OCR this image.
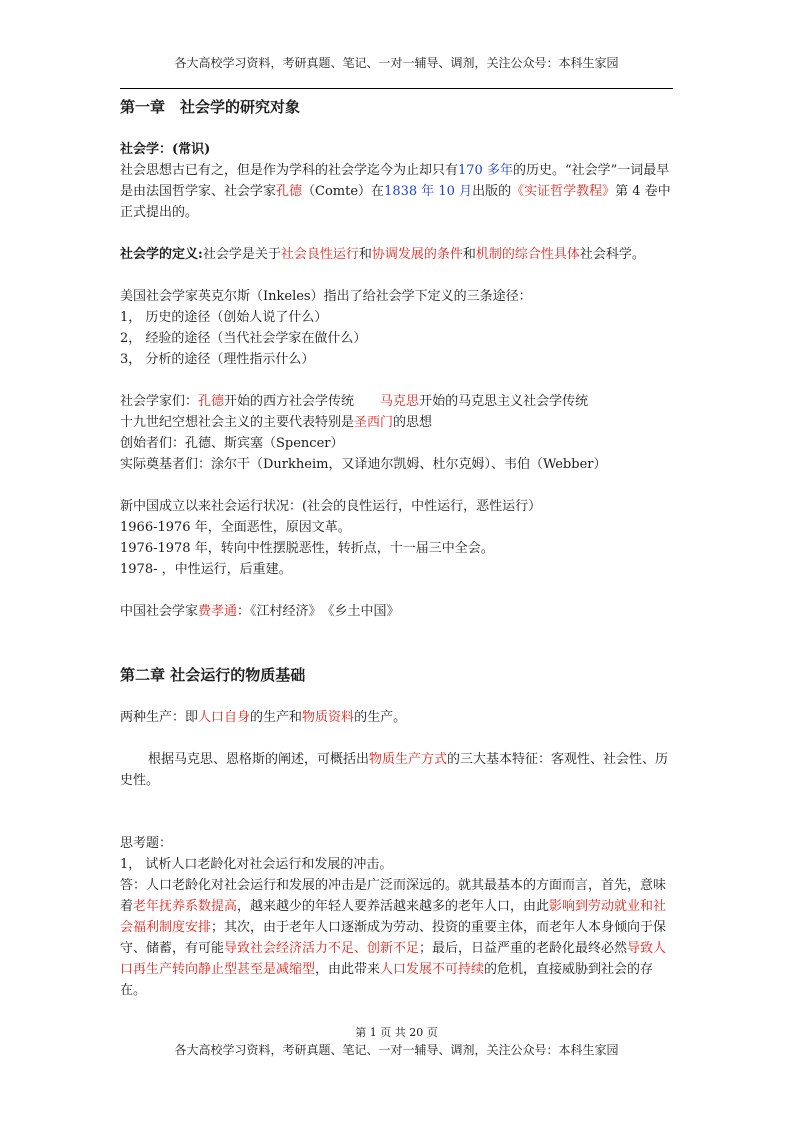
各大高校学习资料，考研真题、笔记、一对一辅导、调剂，关注公众号：本科生家园

第一章　社会学的研究对象

社会学：(常识)

社会思想古已有之，但是作为学科的社会学迄今为止却只有170 多年的历史。“社会学”一词最早是由法国哲学家、社会学家孔德（Comte）在1838 年 10 月出版的《实证哲学教程》第 4 卷中正式提出的。

社会学的定义:社会学是关于社会良性运行和协调发展的条件和机制的综合性具体社会科学。

美国社会学家英克尔斯（Inkeles）指出了给社会学下定义的三条途径：

1， 历史的途径（创始人说了什么）

2， 经验的途径（当代社会学家在做什么）

3， 分析的途径（理性指示什么）

社会学家们：孔德开始的西方社会学传统 马克思开始的马克思主义社会学传统

十九世纪空想社会主义的主要代表特别是圣西门的思想

创始者们：孔德、斯宾塞（Spencer）

实际奠基者们：涂尔干（Durkheim，又译迪尔凯姆、杜尔克姆）、韦伯（Webber）

新中国成立以来社会运行状况：(社会的良性运行，中性运行，恶性运行）

1966-1976 年，全面恶性，原因文革。

1976-1978 年，转向中性摆脱恶性，转折点，十一届三中全会。

1978- ，中性运行，后重建。

中国社会学家费孝通：《江村经济》　《乡土中国》

第二章 社会运行的物质基础

两种生产：即人口自身的生产和物质资料的生产。

根据马克思、恩格斯的阐述，可概括出物质生产方式的三大基本特征：客观性、社会性、历史性。

思考题：

1， 试析人口老龄化对社会运行和发展的冲击。

答：人口老龄化对社会运行和发展的冲击是广泛而深远的。就其最基本的方面而言，首先，意味着老年抚养系数提高，越来越少的年轻人要养活越来越多的老年人口，由此影响到劳动就业和社会福利制度安排；其次，由于老年人口逐渐成为劳动、投资的重要主体，而老年人本身倾向于保守、储蓄，有可能导致社会经济活力不足、创新不足；最后，日益严重的老龄化最终必然导致人口再生产转向静止型甚至是减缩型，由此带来人口发展不可持续的危机，直接威胁到社会的存在。

第 1 页 共 20 页
各大高校学习资料，考研真题、笔记、一对一辅导、调剂，关注公众号：本科生家园
